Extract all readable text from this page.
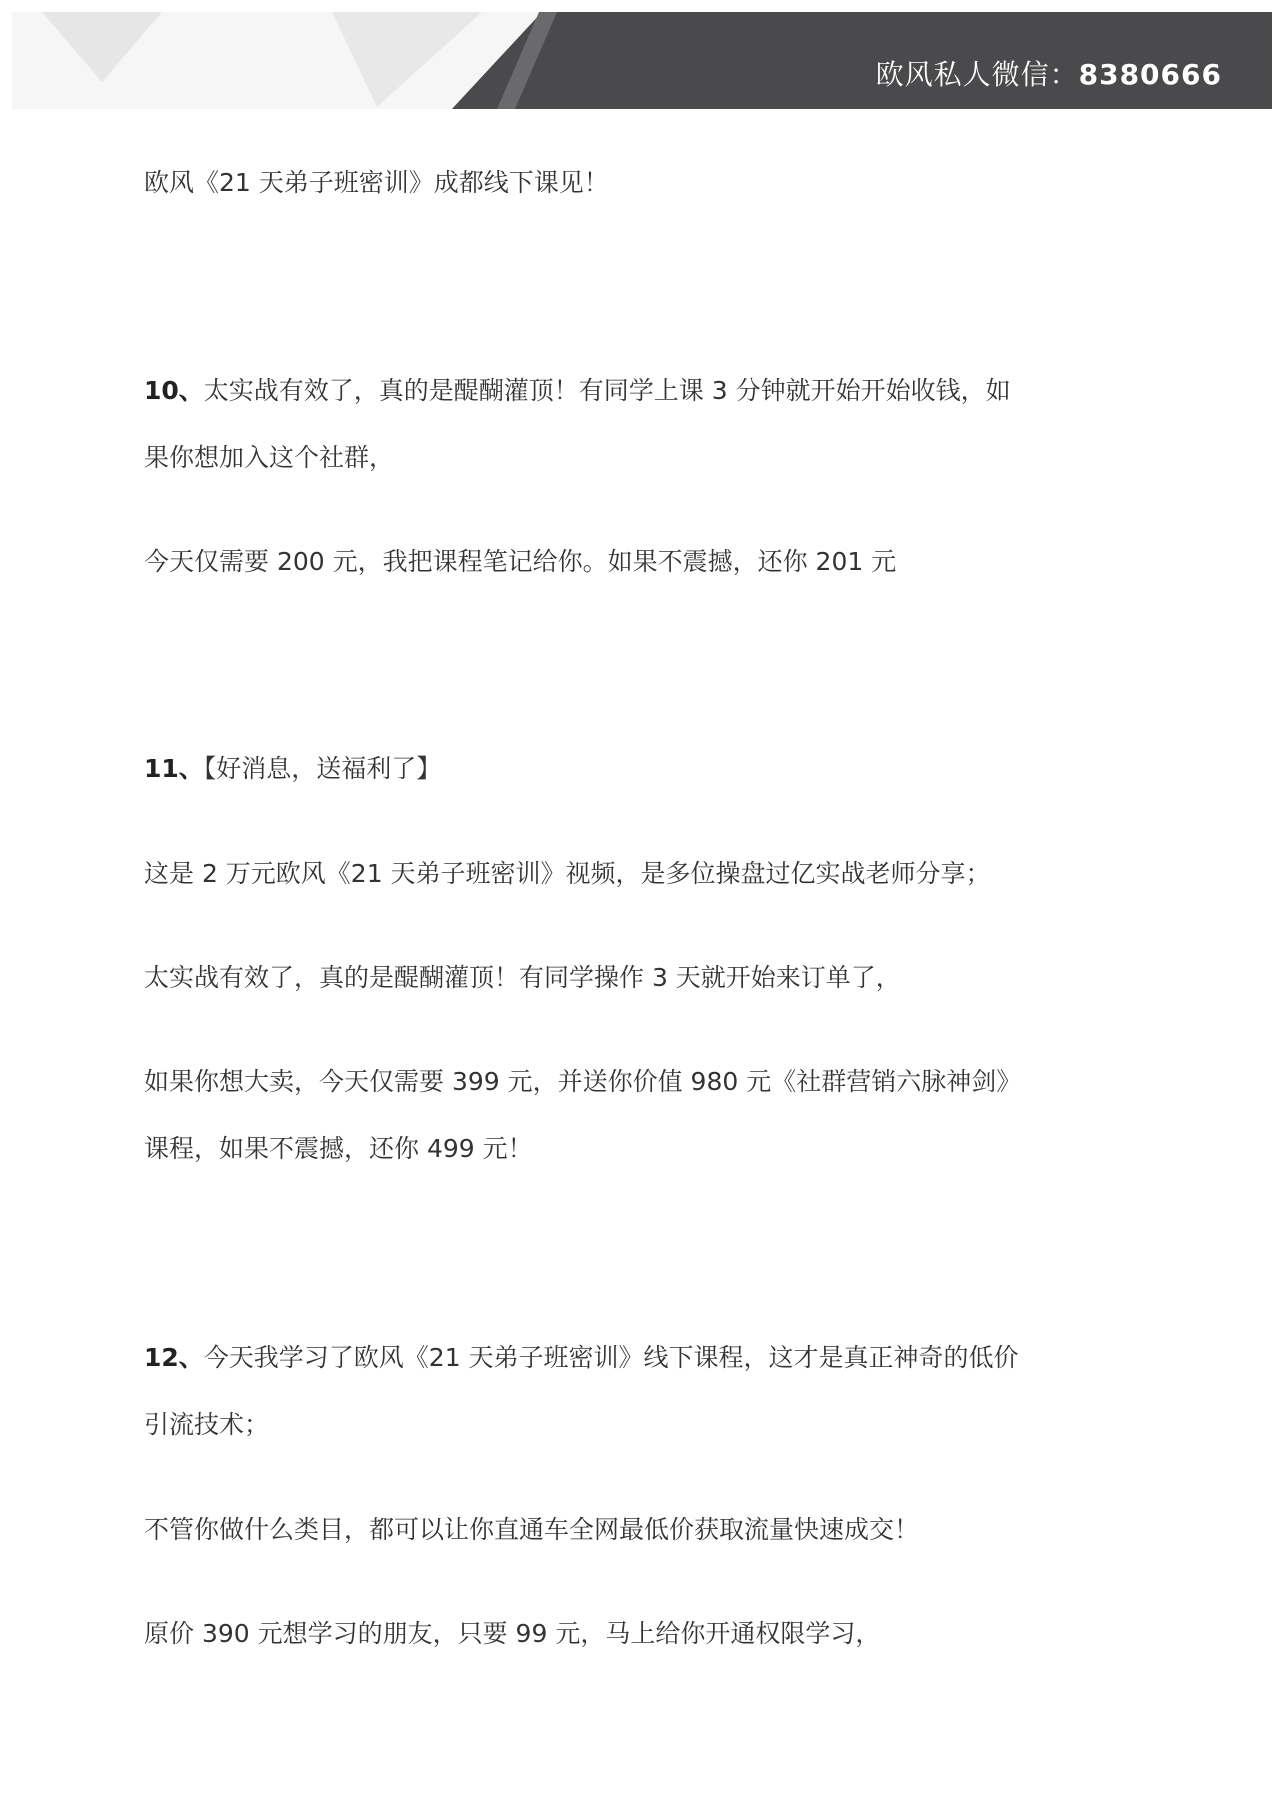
欧风私人微信：8380666
欧风《21 天弟子班密训》成都线下课见！
10、太实战有效了，真的是醍醐灌顶！有同学上课 3 分钟就开始开始收钱，如
果你想加入这个社群，
今天仅需要 200 元，我把课程笔记给你。如果不震撼，还你 201 元
11、【好消息，送福利了】
这是 2 万元欧风《21 天弟子班密训》视频，是多位操盘过亿实战老师分享；
太实战有效了，真的是醍醐灌顶！有同学操作 3 天就开始来订单了，
如果你想大卖，今天仅需要 399 元，并送你价值 980 元《社群营销六脉神剑》
课程，如果不震撼，还你 499 元！
12、今天我学习了欧风《21 天弟子班密训》线下课程，这才是真正神奇的低价
引流技术；
不管你做什么类目，都可以让你直通车全网最低价获取流量快速成交！
原价 390 元想学习的朋友，只要 99 元，马上给你开通权限学习，
